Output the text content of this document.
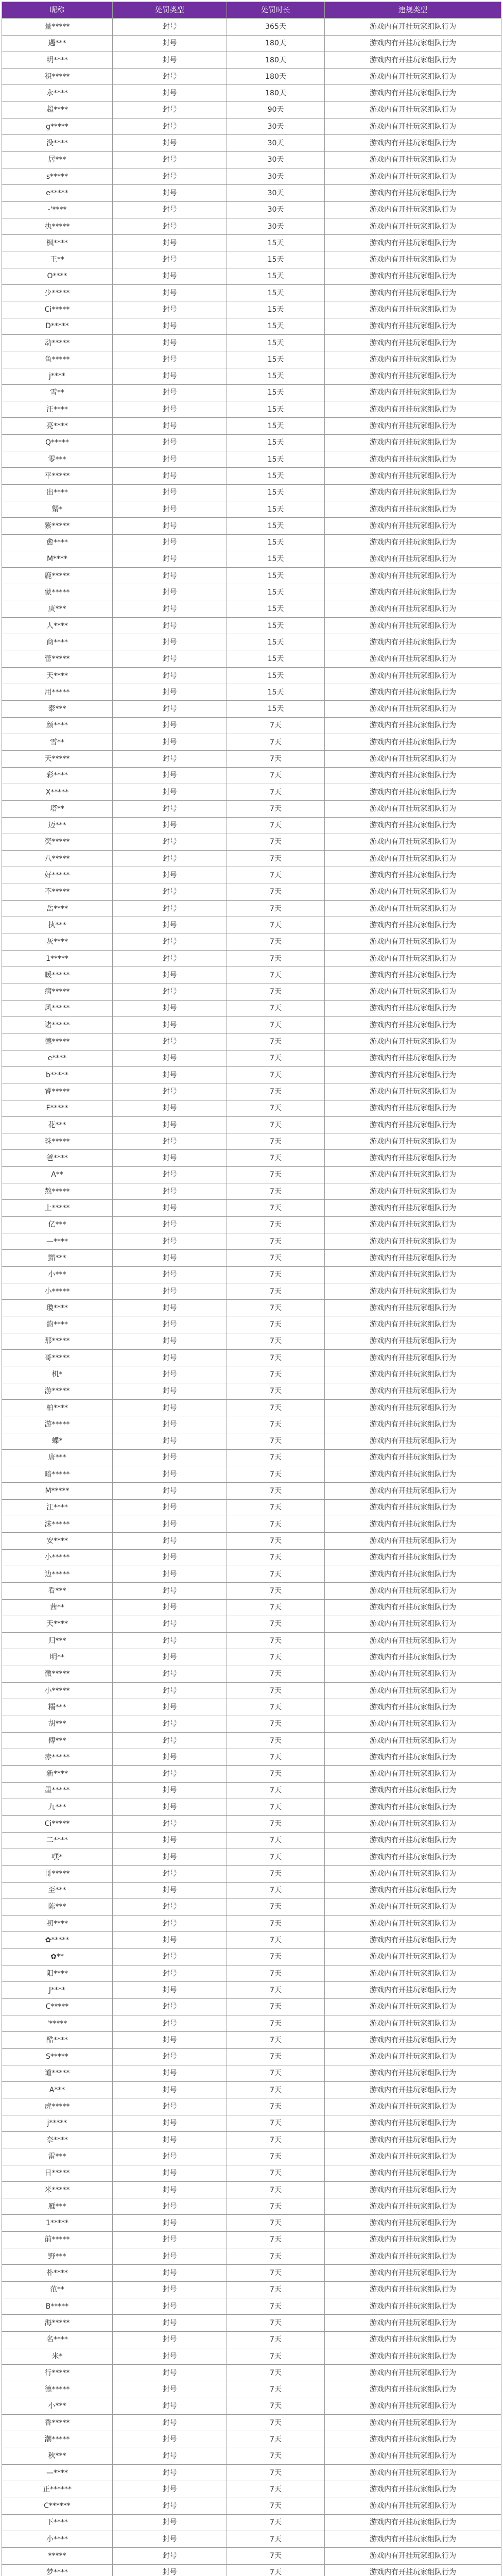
昵称	处罚类型	处罚时长	违规类型
量*****	封号	365天	游戏内有开挂玩家组队行为
遇***	封号	180天	游戏内有开挂玩家组队行为
明****	封号	180天	游戏内有开挂玩家组队行为
积*****	封号	180天	游戏内有开挂玩家组队行为
永****	封号	180天	游戏内有开挂玩家组队行为
超****	封号	90天	游戏内有开挂玩家组队行为
g*****	封号	30天	游戏内有开挂玩家组队行为
没****	封号	30天	游戏内有开挂玩家组队行为
居***	封号	30天	游戏内有开挂玩家组队行为
s*****	封号	30天	游戏内有开挂玩家组队行为
e*****	封号	30天	游戏内有开挂玩家组队行为
-'****	封号	30天	游戏内有开挂玩家组队行为
执*****	封号	30天	游戏内有开挂玩家组队行为
枫****	封号	15天	游戏内有开挂玩家组队行为
王**	封号	15天	游戏内有开挂玩家组队行为
O****	封号	15天	游戏内有开挂玩家组队行为
少*****	封号	15天	游戏内有开挂玩家组队行为
Ci*****	封号	15天	游戏内有开挂玩家组队行为
D*****	封号	15天	游戏内有开挂玩家组队行为
动*****	封号	15天	游戏内有开挂玩家组队行为
鱼*****	封号	15天	游戏内有开挂玩家组队行为
j****	封号	15天	游戏内有开挂玩家组队行为
雪**	封号	15天	游戏内有开挂玩家组队行为
汪****	封号	15天	游戏内有开挂玩家组队行为
亮****	封号	15天	游戏内有开挂玩家组队行为
Q*****	封号	15天	游戏内有开挂玩家组队行为
零***	封号	15天	游戏内有开挂玩家组队行为
平*****	封号	15天	游戏内有开挂玩家组队行为
出****	封号	15天	游戏内有开挂玩家组队行为
蟹*	封号	15天	游戏内有开挂玩家组队行为
紫*****	封号	15天	游戏内有开挂玩家组队行为
愈****	封号	15天	游戏内有开挂玩家组队行为
M****	封号	15天	游戏内有开挂玩家组队行为
鹿*****	封号	15天	游戏内有开挂玩家组队行为
蒙*****	封号	15天	游戏内有开挂玩家组队行为
庚***	封号	15天	游戏内有开挂玩家组队行为
人****	封号	15天	游戏内有开挂玩家组队行为
商****	封号	15天	游戏内有开挂玩家组队行为
蕾*****	封号	15天	游戏内有开挂玩家组队行为
天****	封号	15天	游戏内有开挂玩家组队行为
用*****	封号	15天	游戏内有开挂玩家组队行为
泰***	封号	15天	游戏内有开挂玩家组队行为
颜****	封号	7天	游戏内有开挂玩家组队行为
雪**	封号	7天	游戏内有开挂玩家组队行为
天*****	封号	7天	游戏内有开挂玩家组队行为
彩****	封号	7天	游戏内有开挂玩家组队行为
X*****	封号	7天	游戏内有开挂玩家组队行为
塔**	封号	7天	游戏内有开挂玩家组队行为
迈***	封号	7天	游戏内有开挂玩家组队行为
奕*****	封号	7天	游戏内有开挂玩家组队行为
八*****	封号	7天	游戏内有开挂玩家组队行为
好*****	封号	7天	游戏内有开挂玩家组队行为
不*****	封号	7天	游戏内有开挂玩家组队行为
岳****	封号	7天	游戏内有开挂玩家组队行为
执***	封号	7天	游戏内有开挂玩家组队行为
灰****	封号	7天	游戏内有开挂玩家组队行为
1*****	封号	7天	游戏内有开挂玩家组队行为
暖*****	封号	7天	游戏内有开挂玩家组队行为
病*****	封号	7天	游戏内有开挂玩家组队行为
风*****	封号	7天	游戏内有开挂玩家组队行为
诸*****	封号	7天	游戏内有开挂玩家组队行为
德*****	封号	7天	游戏内有开挂玩家组队行为
e****	封号	7天	游戏内有开挂玩家组队行为
b*****	封号	7天	游戏内有开挂玩家组队行为
睿*****	封号	7天	游戏内有开挂玩家组队行为
F*****	封号	7天	游戏内有开挂玩家组队行为
花***	封号	7天	游戏内有开挂玩家组队行为
珠*****	封号	7天	游戏内有开挂玩家组队行为
爸****	封号	7天	游戏内有开挂玩家组队行为
A**	封号	7天	游戏内有开挂玩家组队行为
熬*****	封号	7天	游戏内有开挂玩家组队行为
上*****	封号	7天	游戏内有开挂玩家组队行为
亿***	封号	7天	游戏内有开挂玩家组队行为
—****	封号	7天	游戏内有开挂玩家组队行为
黯***	封号	7天	游戏内有开挂玩家组队行为
小***	封号	7天	游戏内有开挂玩家组队行为
小*****	封号	7天	游戏内有开挂玩家组队行为
瓊****	封号	7天	游戏内有开挂玩家组队行为
韵****	封号	7天	游戏内有开挂玩家组队行为
那*****	封号	7天	游戏内有开挂玩家组队行为
哥*****	封号	7天	游戏内有开挂玩家组队行为
机*	封号	7天	游戏内有开挂玩家组队行为
游*****	封号	7天	游戏内有开挂玩家组队行为
柏****	封号	7天	游戏内有开挂玩家组队行为
游*****	封号	7天	游戏内有开挂玩家组队行为
蝶*	封号	7天	游戏内有开挂玩家组队行为
唐***	封号	7天	游戏内有开挂玩家组队行为
暗*****	封号	7天	游戏内有开挂玩家组队行为
M*****	封号	7天	游戏内有开挂玩家组队行为
江****	封号	7天	游戏内有开挂玩家组队行为
沫*****	封号	7天	游戏内有开挂玩家组队行为
安****	封号	7天	游戏内有开挂玩家组队行为
小*****	封号	7天	游戏内有开挂玩家组队行为
边*****	封号	7天	游戏内有开挂玩家组队行为
看***	封号	7天	游戏内有开挂玩家组队行为
茜**	封号	7天	游戏内有开挂玩家组队行为
天****	封号	7天	游戏内有开挂玩家组队行为
归***	封号	7天	游戏内有开挂玩家组队行为
明**	封号	7天	游戏内有开挂玩家组队行为
微*****	封号	7天	游戏内有开挂玩家组队行为
小*****	封号	7天	游戏内有开挂玩家组队行为
糯***	封号	7天	游戏内有开挂玩家组队行为
胡***	封号	7天	游戏内有开挂玩家组队行为
傅***	封号	7天	游戏内有开挂玩家组队行为
赤*****	封号	7天	游戏内有开挂玩家组队行为
新****	封号	7天	游戏内有开挂玩家组队行为
墨*****	封号	7天	游戏内有开挂玩家组队行为
九***	封号	7天	游戏内有开挂玩家组队行为
Ci*****	封号	7天	游戏内有开挂玩家组队行为
二****	封号	7天	游戏内有开挂玩家组队行为
嘿*	封号	7天	游戏内有开挂玩家组队行为
哥*****	封号	7天	游戏内有开挂玩家组队行为
至***	封号	7天	游戏内有开挂玩家组队行为
陈***	封号	7天	游戏内有开挂玩家组队行为
初****	封号	7天	游戏内有开挂玩家组队行为
✿*****	封号	7天	游戏内有开挂玩家组队行为
✿**	封号	7天	游戏内有开挂玩家组队行为
阳****	封号	7天	游戏内有开挂玩家组队行为
J****	封号	7天	游戏内有开挂玩家组队行为
C*****	封号	7天	游戏内有开挂玩家组队行为
'*****	封号	7天	游戏内有开挂玩家组队行为
酷****	封号	7天	游戏内有开挂玩家组队行为
S*****	封号	7天	游戏内有开挂玩家组队行为
道*****	封号	7天	游戏内有开挂玩家组队行为
A***	封号	7天	游戏内有开挂玩家组队行为
虎*****	封号	7天	游戏内有开挂玩家组队行为
j*****	封号	7天	游戏内有开挂玩家组队行为
奈****	封号	7天	游戏内有开挂玩家组队行为
雷***	封号	7天	游戏内有开挂玩家组队行为
日*****	封号	7天	游戏内有开挂玩家组队行为
米*****	封号	7天	游戏内有开挂玩家组队行为
雁***	封号	7天	游戏内有开挂玩家组队行为
1*****	封号	7天	游戏内有开挂玩家组队行为
前*****	封号	7天	游戏内有开挂玩家组队行为
野***	封号	7天	游戏内有开挂玩家组队行为
朴****	封号	7天	游戏内有开挂玩家组队行为
范**	封号	7天	游戏内有开挂玩家组队行为
B*****	封号	7天	游戏内有开挂玩家组队行为
海*****	封号	7天	游戏内有开挂玩家组队行为
名****	封号	7天	游戏内有开挂玩家组队行为
米*	封号	7天	游戏内有开挂玩家组队行为
行*****	封号	7天	游戏内有开挂玩家组队行为
德*****	封号	7天	游戏内有开挂玩家组队行为
小***	封号	7天	游戏内有开挂玩家组队行为
香*****	封号	7天	游戏内有开挂玩家组队行为
潮*****	封号	7天	游戏内有开挂玩家组队行为
秋***	封号	7天	游戏内有开挂玩家组队行为
—****	封号	7天	游戏内有开挂玩家组队行为
正******	封号	7天	游戏内有开挂玩家组队行为
C******	封号	7天	游戏内有开挂玩家组队行为
下****	封号	7天	游戏内有开挂玩家组队行为
小****	封号	7天	游戏内有开挂玩家组队行为
*****	封号	7天	游戏内有开挂玩家组队行为
梦****	封号	7天	游戏内有开挂玩家组队行为
